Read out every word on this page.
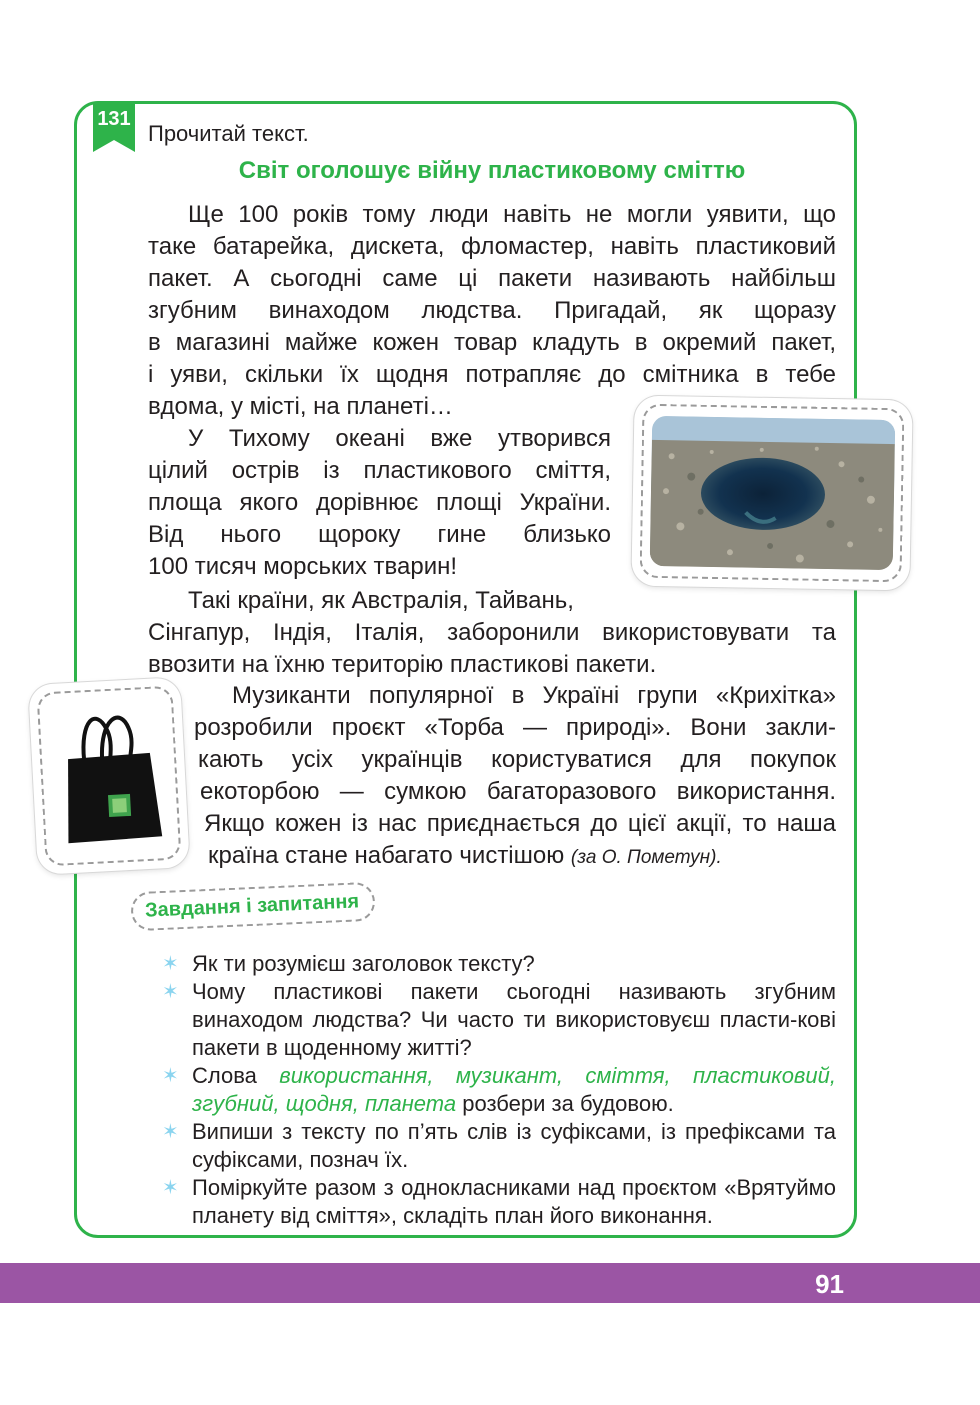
131
Прочитай текст.
Світ оголошує війну пластиковому сміттю
Ще 100 років тому люди навіть не могли уявити, що
таке батарейка, дискета, фломастер, навіть пластиковий
пакет. А сьогодні саме ці пакети називають найбільш
згубним винаходом людства. Пригадай, як щоразу
в магазині майже кожен товар кладуть в окремий пакет,
і уяви, скільки їх щодня потрапляє до смітника в тебе
вдома, у місті, на планеті…
У Тихому океані вже утворився
цілий острів із пластикового сміття,
площа якого дорівнює площі України.
Від нього щороку гине близько
100 тисяч морських тварин!
Такі країни, як Австралія, Тайвань,
Сінгапур, Індія, Італія, заборонили використовувати та
ввозити на їхню територію пластикові пакети.
Музиканти популярної в Україні групи «Крихітка»
розробили проєкт «Торба — природі». Вони закли-
кають усіх українців користуватися для покупок
екоторбою — сумкою багаторазового використання.
Якщо кожен із нас приєднається до цієї акції, то наша
країна стане набагато чистішою (за О. Пометун).
Завдання і запитання
✶ Як ти розумієш заголовок тексту?
✶ Чому пластикові пакети сьогодні називають згубним винаходом людства? Чи часто ти використовуєш пласти-кові пакети в щоденному житті?
✶ Слова використання, музикант, сміття, пластиковий, згубний, щодня, планета розбери за будовою.
✶ Випиши з тексту по п’ять слів із суфіксами, із префіксами та суфіксами, познач їх.
✶ Поміркуйте разом з однокласниками над проєктом «Врятуймо планету від сміття», складіть план його виконання.
91
